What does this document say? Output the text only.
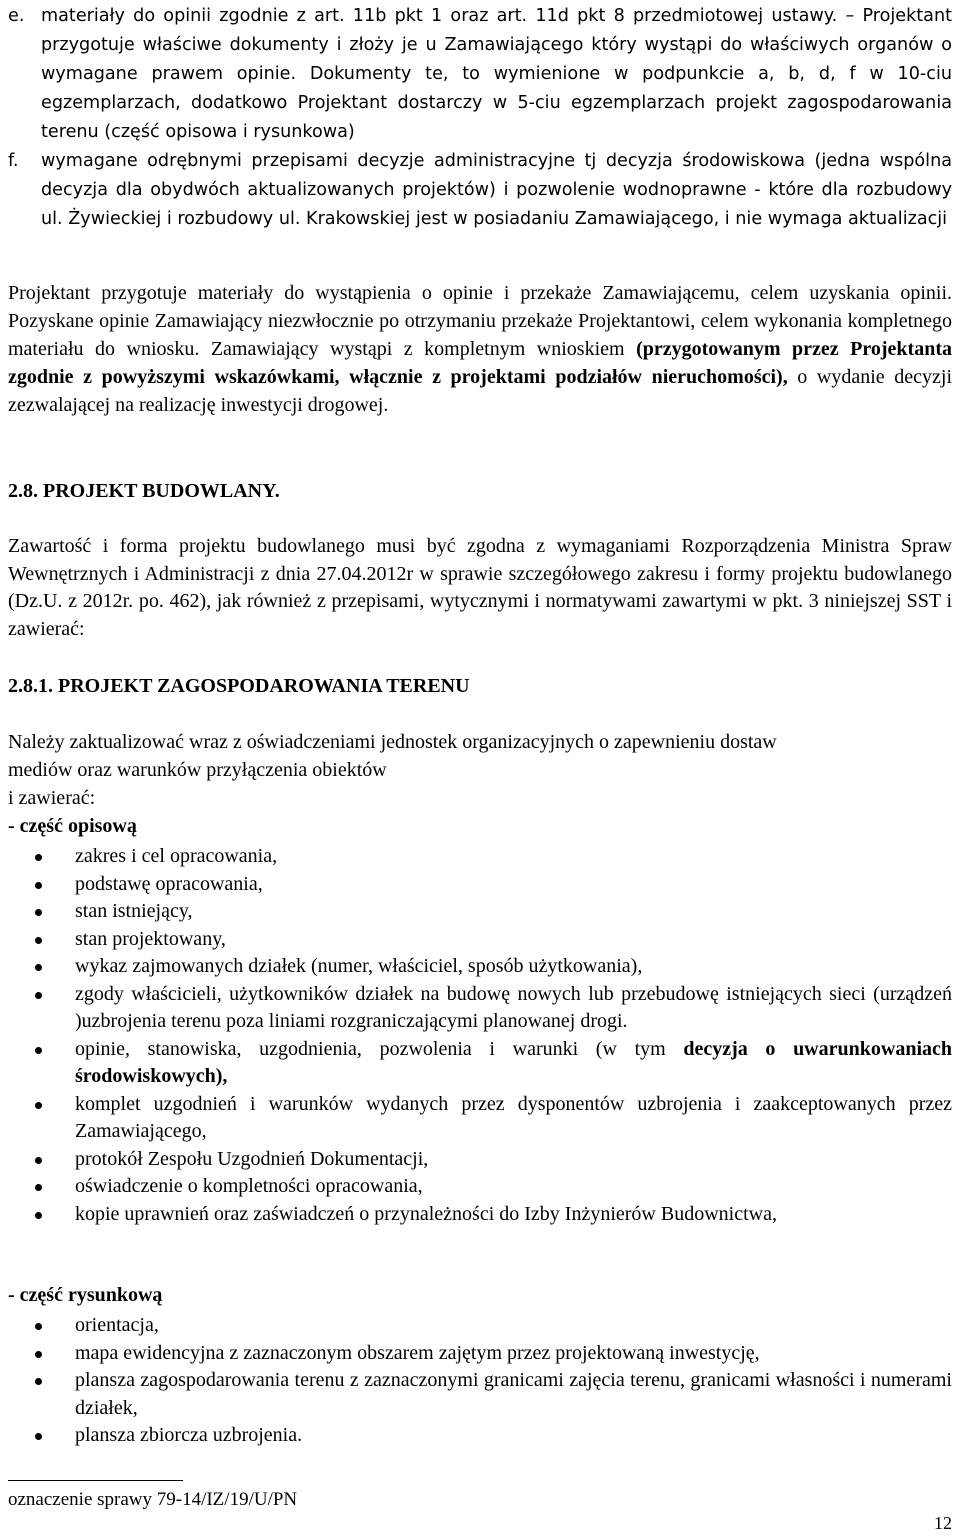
e. materiały do opinii zgodnie z art. 11b pkt 1 oraz art. 11d pkt 8 przedmiotowej ustawy. – Projektant przygotuje właściwe dokumenty i złoży je u Zamawiającego który wystąpi do właściwych organów o wymagane prawem opinie. Dokumenty te, to wymienione w podpunkcie a, b, d, f w 10-ciu egzemplarzach, dodatkowo Projektant dostarczy w 5-ciu egzemplarzach projekt zagospodarowania terenu (część opisowa i rysunkowa)
f. wymagane odrębnymi przepisami decyzje administracyjne tj decyzja środowiskowa (jedna wspólna decyzja dla obydwóch aktualizowanych projektów) i pozwolenie wodnoprawne - które dla rozbudowy ul. Żywieckiej i rozbudowy ul. Krakowskiej jest w posiadaniu Zamawiającego, i nie wymaga aktualizacji

Projektant przygotuje materiały do wystąpienia o opinie i przekaże Zamawiającemu, celem uzyskania opinii. Pozyskane opinie Zamawiający niezwłocznie po otrzymaniu przekaże Projektantowi, celem wykonania kompletnego materiału do wniosku. Zamawiający wystąpi z kompletnym wnioskiem (przygotowanym przez Projektanta zgodnie z powyższymi wskazówkami, włącznie z projektami podziałów nieruchomości), o wydanie decyzji zezwalającej na realizację inwestycji drogowej.

2.8. PROJEKT BUDOWLANY.

Zawartość i forma projektu budowlanego musi być zgodna z wymaganiami Rozporządzenia Ministra Spraw Wewnętrznych i Administracji z dnia 27.04.2012r w sprawie szczegółowego zakresu i formy projektu budowlanego (Dz.U. z 2012r. po. 462), jak również z przepisami, wytycznymi i normatywami zawartymi w pkt. 3 niniejszej SST i zawierać:

2.8.1. PROJEKT ZAGOSPODAROWANIA TERENU

Należy zaktualizować wraz z oświadczeniami jednostek organizacyjnych o zapewnieniu dostaw

mediów oraz warunków przyłączenia obiektów

i zawierać:

- część opisową

zakres i cel opracowania,
podstawę opracowania,
stan istniejący,
stan projektowany,
wykaz zajmowanych działek (numer, właściciel, sposób użytkowania),
zgody właścicieli, użytkowników działek na budowę nowych lub przebudowę istniejących sieci (urządzeń )uzbrojenia terenu poza liniami rozgraniczającymi planowanej drogi.
opinie, stanowiska, uzgodnienia, pozwolenia i warunki (w tym decyzja o uwarunkowaniach środowiskowych),
komplet uzgodnień i warunków wydanych przez dysponentów uzbrojenia i zaakceptowanych przez Zamawiającego,
protokół Zespołu Uzgodnień Dokumentacji,
oświadczenie o kompletności opracowania,
kopie uprawnień oraz zaświadczeń o przynależności do Izby Inżynierów Budownictwa,

- część rysunkową

orientacja,
mapa ewidencyjna z zaznaczonym obszarem zajętym przez projektowaną inwestycję,
plansza zagospodarowania terenu z zaznaczonymi granicami zajęcia terenu, granicami własności i numerami działek,
plansza zbiorcza uzbrojenia.
oznaczenie sprawy 79-14/IZ/19/U/PN
12
